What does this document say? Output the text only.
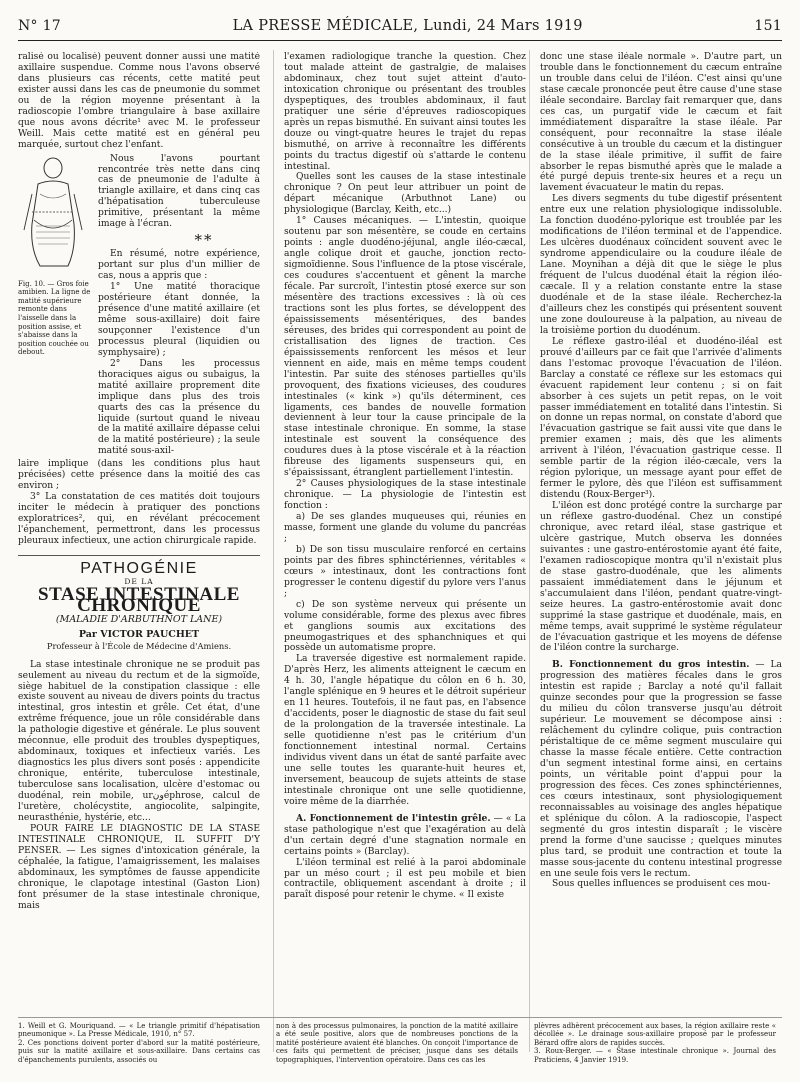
N° 17	LA PRESSE MÉDICALE, Lundi, 24 Mars 1919	151

ralisé ou localisé) peuvent donner aussi une matité axillaire suspendue. Comme nous l'avons observé dans plusieurs cas récents, cette matité peut exister aussi dans les cas de pneumonie du sommet ou de la région moyenne présentant à la radioscopie l'ombre triangulaire à base axillaire que nous avons décrite¹ avec M. le professeur Weill. Mais cette matité est en général peu marquée, surtout chez l'enfant.

Fig. 10. — Gros foie amibien. La ligne de matité supérieure remonte dans l'aisselle dans la position assise, et s'abaisse dans la position couchée ou debout.

Nous l'avons pourtant rencontrée très nette dans cinq cas de pneumonie de l'adulte à triangle axillaire, et dans cinq cas d'hépatisation tuberculeuse primitive, présentant la même image à l'écran.

**

En résumé, notre expérience, portant sur plus d'un millier de cas, nous a appris que :

1° Une matité thoracique postérieure étant donnée, la présence d'une matité axillaire (et même sous-axillaire) doit faire soupçonner l'existence d'un processus pleural (liquidien ou symphysaire) ;

2° Dans les processus thoraciques aigus ou subaigus, la matité axillaire proprement dite implique dans plus des trois quarts des cas la présence du liquide (surtout quand le niveau de la matité axillaire dépasse celui de la matité postérieure) ; la seule matité sous-axil-

laire implique (dans les conditions plus haut précisées) cette présence dans la moitié des cas environ ;

3° La constatation de ces matités doit toujours inciter le médecin à pratiquer des ponctions exploratrices², qui, en révélant précocement l'épanchement, permettront, dans les processus pleuraux infectieux, une action chirurgicale rapide.

PATHOGÉNIE
DE LA
STASE INTESTINALE CHRONIQUE
(MALADIE D'ARBUTHNOT LANE)
Par VICTOR PAUCHET
Professeur à l'École de Médecine d'Amiens.

La stase intestinale chronique ne se produit pas seulement au niveau du rectum et de la sigmoïde, siège habituel de la constipation classique : elle existe souvent au niveau de divers points du tractus intestinal, gros intestin et grêle. Cet état, d'une extrême fréquence, joue un rôle considérable dans la pathologie digestive et générale. Le plus souvent méconnue, elle produit des troubles dyspeptiques, abdominaux, toxiques et infectieux variés. Les diagnostics les plus divers sont posés : appendicite chronique, entérite, tuberculose intestinale, tuberculose sans localisation, ulcère d'estomac ou duodénal, rein mobile, urونéphrose, calcul de l'uretère, cholécystite, angiocolite, salpingite, neurasthénie, hystérie, etc...

POUR FAIRE LE DIAGNOSTIC DE LA STASE INTESTINALE CHRONIQUE, IL SUFFIT D'Y PENSER. — Les signes d'intoxication générale, la céphalée, la fatigue, l'amaigrissement, les malaises abdominaux, les symptômes de fausse appendicite chronique, le clapotage intestinal (Gaston Lion) font présumer de la stase intestinale chronique, mais

l'examen radiologique tranche la question. Chez tout malade atteint de gastralgie, de malaises abdominaux, chez tout sujet atteint d'auto-intoxication chronique ou présentant des troubles dyspeptiques, des troubles abdominaux, il faut pratiquer une série d'épreuves radioscopiques après un repas bismuthé. En suivant ainsi toutes les douze ou vingt-quatre heures le trajet du repas bismuthé, on arrive à reconnaître les différents points du tractus digestif où s'attarde le contenu intestinal.

Quelles sont les causes de la stase intestinale chronique ? On peut leur attribuer un point de départ mécanique (Arbuthnot Lane) ou physiologique (Barclay, Keith, etc...)

1° Causes mécaniques. — L'intestin, quoique soutenu par son mésentère, se coude en certains points : angle duodéno-jéjunal, angle iléo-cæcal, angle colique droit et gauche, jonction recto-sigmoïdienne. Sous l'influence de la ptose viscérale, ces coudures s'accentuent et gênent la marche fécale. Par surcroît, l'intestin ptosé exerce sur son mésentère des tractions excessives : là où ces tractions sont les plus fortes, se développent des épaississements mésentériques, des bandes séreuses, des brides qui correspondent au point de cristallisation des lignes de traction. Ces épaississements renforcent les mésos et leur viennent en aide, mais en même temps coudent l'intestin. Par suite des sténoses partielles qu'ils provoquent, des fixations vicieuses, des coudures intestinales (« kink ») qu'ils déterminent, ces ligaments, ces bandes de nouvelle formation deviennent à leur tour la cause principale de la stase intestinale chronique. En somme, la stase intestinale est souvent la conséquence des coudures dues à la ptose viscérale et à la réaction fibreuse des ligaments suspenseurs qui, en s'épaississant, étranglent partiellement l'intestin.

2° Causes physiologiques de la stase intestinale chronique. — La physiologie de l'intestin est fonction :

a) De ses glandes muqueuses qui, réunies en masse, forment une glande du volume du pancréas ;

b) De son tissu musculaire renforcé en certains points par des fibres sphinctériennes, véritables « cœurs » intestinaux, dont les contractions font progresser le contenu digestif du pylore vers l'anus ;

c) De son système nerveux qui présente un volume considérable, forme des plexus avec fibres et ganglions soumis aux excitations des pneumogastriques et des sphanchniques et qui possède un automatisme propre.

La traversée digestive est normalement rapide. D'après Herz, les aliments atteignent le cæcum en 4 h. 30, l'angle hépatique du côlon en 6 h. 30, l'angle splénique en 9 heures et le détroit supérieur en 11 heures. Toutefois, il ne faut pas, en l'absence d'accidents, poser le diagnostic de stase du fait seul de la prolongation de la traversée intestinale. La selle quotidienne n'est pas le critérium d'un fonctionnement intestinal normal. Certains individus vivent dans un état de santé parfaite avec une selle toutes les quarante-huit heures et, inversement, beaucoup de sujets atteints de stase intestinale chronique ont une selle quotidienne, voire même de la diarrhée.

A. Fonctionnement de l'intestin grêle. — « La stase pathologique n'est que l'exagération au delà d'un certain degré d'une stagnation normale en certains points » (Barclay).

L'iléon terminal est relié à la paroi abdominale par un méso court ; il est peu mobile et bien contractile, obliquement ascendant à droite ; il paraît disposé pour retenir le chyme. « Il existe

donc une stase iléale normale ». D'autre part, un trouble dans le fonctionnement du cæcum entraîne un trouble dans celui de l'iléon. C'est ainsi qu'une stase cæcale prononcée peut être cause d'une stase iléale secondaire. Barclay fait remarquer que, dans ces cas, un purgatif vide le cæcum et fait immédiatement disparaître la stase iléale. Par conséquent, pour reconnaître la stase iléale consécutive à un trouble du cæcum et la distinguer de la stase iléale primitive, il suffit de faire absorber le repas bismuthé après que le malade a été purgé depuis trente-six heures et a reçu un lavement évacuateur le matin du repas.

Les divers segments du tube digestif présentent entre eux une relation physiologique indissoluble. La fonction duodéno-pylorique est troublée par les modifications de l'iléon terminal et de l'appendice. Les ulcères duodénaux coïncident souvent avec le syndrome appendiculaire ou la coudure iléale de Lane. Moynihan a déjà dit que le siège le plus fréquent de l'ulcus duodénal était la région iléo-cæcale. Il y a relation constante entre la stase duodénale et de la stase iléale. Recherchez-la d'ailleurs chez les constipés qui présentent souvent une zone douloureuse à la palpation, au niveau de la troisième portion du duodénum.

Le réflexe gastro-iléal et duodéno-iléal est prouvé d'ailleurs par ce fait que l'arrivée d'aliments dans l'estomac provoque l'évacuation de l'iléon. Barclay a constaté ce réflexe sur les estomacs qui évacuent rapidement leur contenu ; si on fait absorber à ces sujets un petit repas, on le voit passer immédiatement en totalité dans l'intestin. Si on donne un repas normal, on constate d'abord que l'évacuation gastrique se fait aussi vite que dans le premier examen ; mais, dès que les aliments arrivent à l'iléon, l'évacuation gastrique cesse. Il semble partir de la région iléo-cæcale, vers la région pylorique, un message ayant pour effet de fermer le pylore, dès que l'iléon est suffisamment distendu (Roux-Berger³).

L'iléon est donc protégé contre la surcharge par un réflexe gastro-duodénal. Chez un constipé chronique, avec retard iléal, stase gastrique et ulcère gastrique, Mutch observa les données suivantes : une gastro-entérostomie ayant été faite, l'examen radioscopique montra qu'il n'existait plus de stase gastro-duodénale, que les aliments passaient immédiatement dans le jéjunum et s'accumulaient dans l'iléon, pendant quatre-vingt-seize heures. La gastro-entérostomie avait donc supprimé la stase gastrique et duodénale, mais, en même temps, avait supprimé le système régulateur de l'évacuation gastrique et les moyens de défense de l'iléon contre la surcharge.

B. Fonctionnement du gros intestin. — La progression des matières fécales dans le gros intestin est rapide ; Barclay a noté qu'il fallait quinze secondes pour que la progression se fasse du milieu du côlon transverse jusqu'au détroit supérieur. Le mouvement se décompose ainsi : relâchement du cylindre colique, puis contraction péristaltique de ce même segment musculaire qui chasse la masse fécale entière. Cette contraction d'un segment intestinal forme ainsi, en certains points, un véritable point d'appui pour la progression des fèces. Ces zones sphinctériennes, ces cœurs intestinaux, sont physiologiquement reconnaissables au voisinage des angles hépatique et splénique du côlon. A la radioscopie, l'aspect segmenté du gros intestin disparaît ; le viscère prend la forme d'une saucisse ; quelques minutes plus tard, se produit une contraction et toute la masse sous-jacente du contenu intestinal progresse en une seule fois vers le rectum.

Sous quelles influences se produisent ces mou-

1. Weill et G. Mouriquand. — « Le triangle primitif d'hépatisation pneumonique ». La Presse Médicale, 1910, n° 57.
2. Ces ponctions doivent porter d'abord sur la matité postérieure, puis sur la matité axillaire et sous-axillaire. Dans certains cas d'épanchements purulents, associés ou
non à des processus pulmonaires, la ponction de la matité axillaire a été seule positive, alors que de nombreuses ponctions de la matité postérieure avaient été blanches. On conçoit l'importance de ces faits qui permettent de préciser, jusque dans ses détails topographiques, l'intervention opératoire. Dans ces cas les
plèvres adhèrent précocement aux bases, la région axillaire reste « décollée ». Le drainage sous-axillaire proposé par le professeur Bérard offre alors de rapides succès.
3. Roux-Berger. — « Stase intestinale chronique ». Journal des Praticiens, 4 Janvier 1919.
